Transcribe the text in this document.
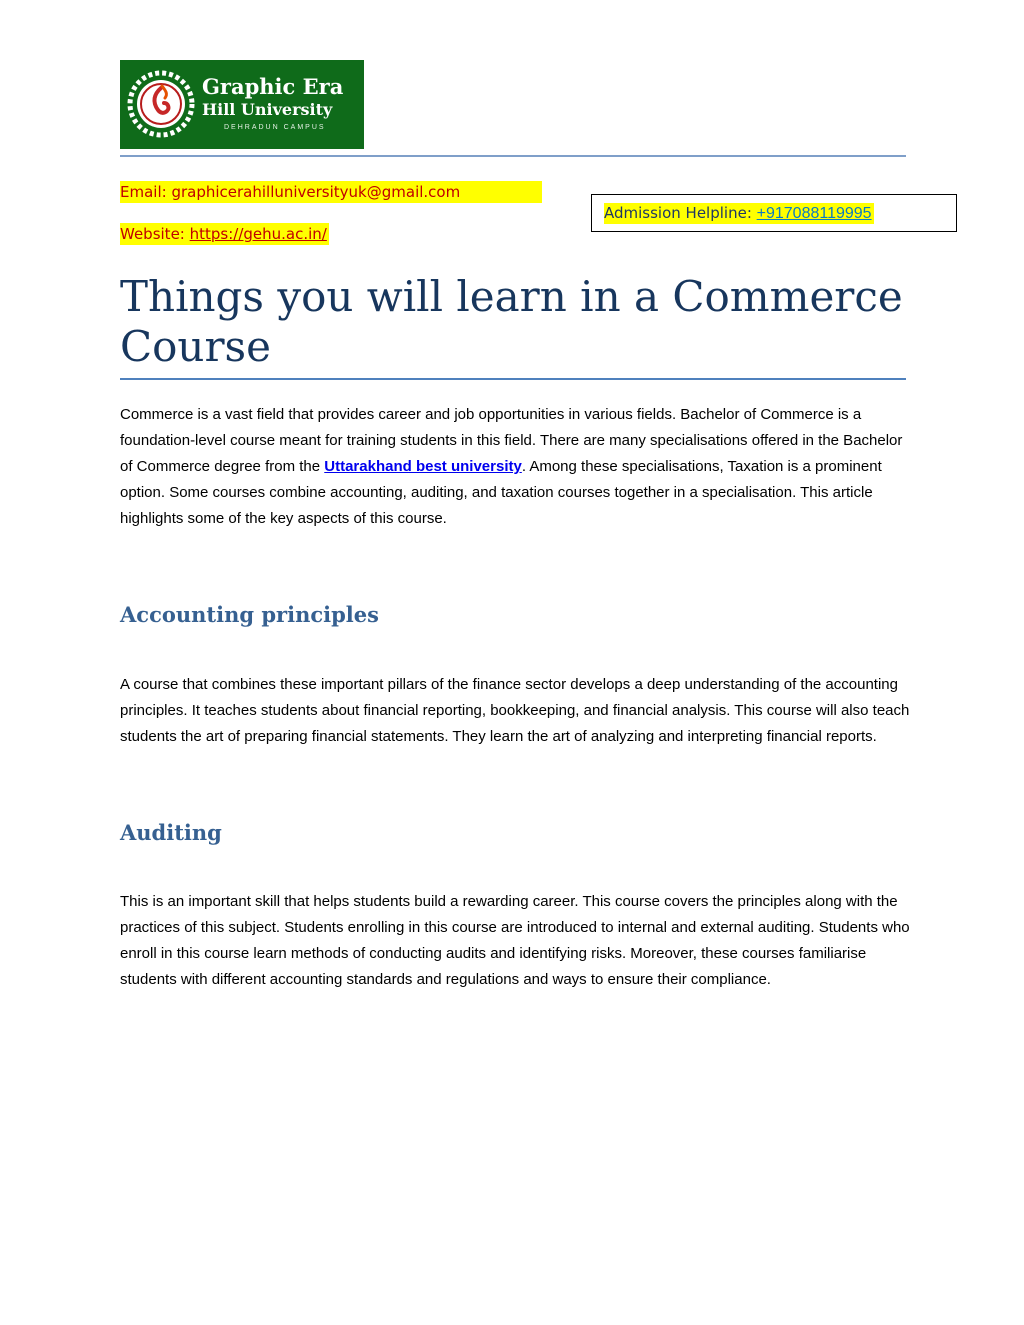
Graphic Era
Hill University
DEHRADUN CAMPUS
Email: graphicerahilluniversityuk@gmail.com
Website: https://gehu.ac.in/
Admission Helpline: +917088119995
Things you will learn in a Commerce Course

Commerce is a vast field that provides career and job opportunities in various fields. Bachelor of Commerce is a foundation-level course meant for training students in this field. There are many specialisations offered in the Bachelor of Commerce degree from the Uttarakhand best university. Among these specialisations, Taxation is a prominent option. Some courses combine accounting, auditing, and taxation courses together in a specialisation. This article highlights some of the key aspects of this course.

Accounting principles

A course that combines these important pillars of the finance sector develops a deep understanding of the accounting principles. It teaches students about financial reporting, bookkeeping, and financial analysis. This course will also teach students the art of preparing financial statements. They learn the art of analyzing and interpreting financial reports.

Auditing

This is an important skill that helps students build a rewarding career. This course covers the principles along with the practices of this subject. Students enrolling in this course are introduced to internal and external auditing. Students who enroll in this course learn methods of conducting audits and identifying risks. Moreover, these courses familiarise students with different accounting standards and regulations and ways to ensure their compliance.
